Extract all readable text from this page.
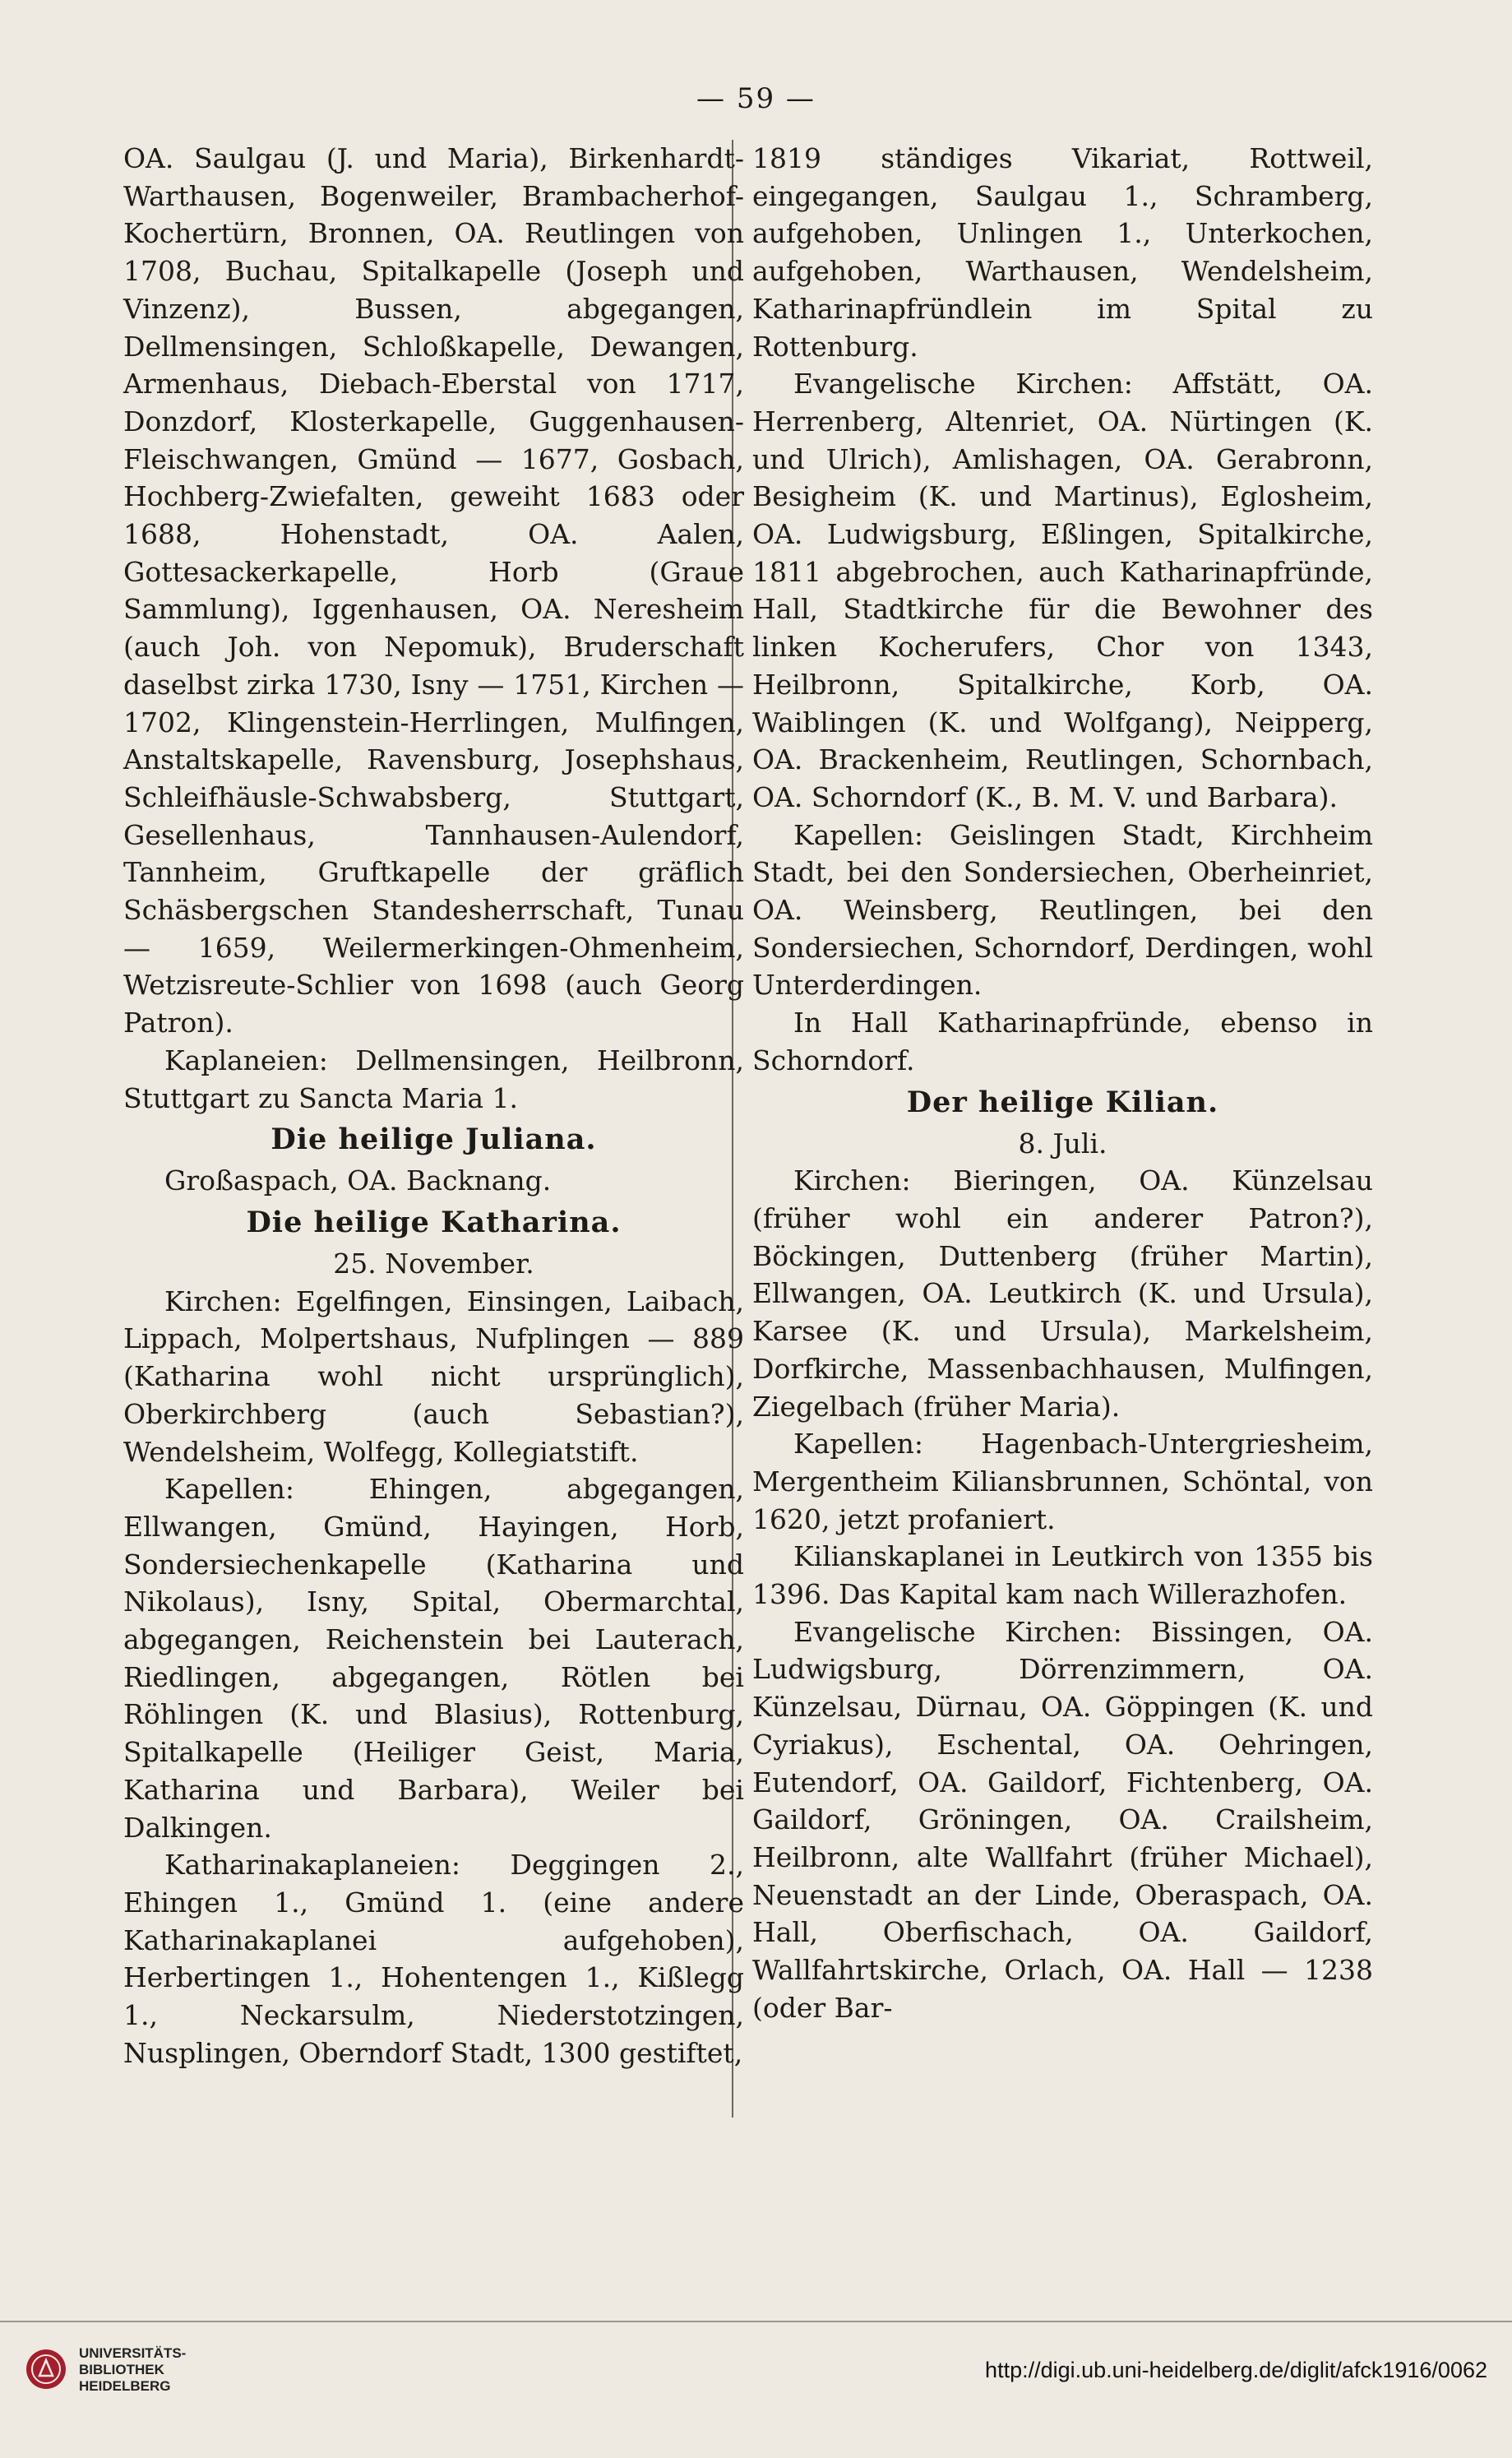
— 59 —

OA. Saulgau (J. und Maria), Birkenhardt-Warthausen, Bogenweiler, Brambacherhof-Kochertürn, Bronnen, OA. Reutlingen von 1708, Buchau, Spitalkapelle (Joseph und Vinzenz), Bussen, abgegangen, Dellmensingen, Schloßkapelle, Dewangen, Armenhaus, Diebach-Eberstal von 1717, Donzdorf, Klosterkapelle, Guggenhausen-Fleischwangen, Gmünd — 1677, Gosbach, Hochberg-Zwiefalten, geweiht 1683 oder 1688, Hohenstadt, OA. Aalen, Gottesackerkapelle, Horb (Graue Sammlung), Iggenhausen, OA. Neresheim (auch Joh. von Nepomuk), Bruderschaft daselbst zirka 1730, Isny — 1751, Kirchen — 1702, Klingenstein-Herrlingen, Mulfingen, Anstaltskapelle, Ravensburg, Josephshaus, Schleifhäusle-Schwabsberg, Stuttgart, Gesellenhaus, Tannhausen-Aulendorf, Tannheim, Gruftkapelle der gräflich Schäsbergschen Standesherrschaft, Tunau — 1659, Weilermerkingen-Ohmenheim, Wetzisreute-Schlier von 1698 (auch Georg Patron).

Kaplaneien: Dellmensingen, Heilbronn, Stuttgart zu Sancta Maria 1.

Die heilige Juliana.

Großaspach, OA. Backnang.

Die heilige Katharina.

25. November.

Kirchen: Egelfingen, Einsingen, Laibach, Lippach, Molpertshaus, Nufplingen — 889 (Katharina wohl nicht ursprünglich), Oberkirchberg (auch Sebastian?), Wendelsheim, Wolfegg, Kollegiatstift.

Kapellen: Ehingen, abgegangen, Ellwangen, Gmünd, Hayingen, Horb, Sondersiechenkapelle (Katharina und Nikolaus), Isny, Spital, Obermarchtal, abgegangen, Reichenstein bei Lauterach, Riedlingen, abgegangen, Rötlen bei Röhlingen (K. und Blasius), Rottenburg, Spitalkapelle (Heiliger Geist, Maria, Katharina und Barbara), Weiler bei Dalkingen.

Katharinakaplaneien: Deggingen 2., Ehingen 1., Gmünd 1. (eine andere Katharinakaplanei aufgehoben), Herbertingen 1., Hohentengen 1., Kißlegg 1., Neckarsulm, Niederstotzingen, Nusplingen, Oberndorf Stadt, 1300 gestiftet,

1819 ständiges Vikariat, Rottweil, eingegangen, Saulgau 1., Schramberg, aufgehoben, Unlingen 1., Unterkochen, aufgehoben, Warthausen, Wendelsheim, Katharinapfründlein im Spital zu Rottenburg.

Evangelische Kirchen: Affstätt, OA. Herrenberg, Altenriet, OA. Nürtingen (K. und Ulrich), Amlishagen, OA. Gerabronn, Besigheim (K. und Martinus), Eglosheim, OA. Ludwigsburg, Eßlingen, Spitalkirche, 1811 abgebrochen, auch Katharinapfründe, Hall, Stadtkirche für die Bewohner des linken Kocherufers, Chor von 1343, Heilbronn, Spitalkirche, Korb, OA. Waiblingen (K. und Wolfgang), Neipperg, OA. Brackenheim, Reutlingen, Schornbach, OA. Schorndorf (K., B. M. V. und Barbara).

Kapellen: Geislingen Stadt, Kirchheim Stadt, bei den Sondersiechen, Oberheinriet, OA. Weinsberg, Reutlingen, bei den Sondersiechen, Schorndorf, Derdingen, wohl Unterderdingen.

In Hall Katharinapfründe, ebenso in Schorndorf.

Der heilige Kilian.

8. Juli.

Kirchen: Bieringen, OA. Künzelsau (früher wohl ein anderer Patron?), Böckingen, Duttenberg (früher Martin), Ellwangen, OA. Leutkirch (K. und Ursula), Karsee (K. und Ursula), Markelsheim, Dorfkirche, Massenbachhausen, Mulfingen, Ziegelbach (früher Maria).

Kapellen: Hagenbach-Untergriesheim, Mergentheim Kiliansbrunnen, Schöntal, von 1620, jetzt profaniert.

Kilianskaplanei in Leutkirch von 1355 bis 1396. Das Kapital kam nach Willerazhofen.

Evangelische Kirchen: Bissingen, OA. Ludwigsburg, Dörrenzimmern, OA. Künzelsau, Dürnau, OA. Göppingen (K. und Cyriakus), Eschental, OA. Oehringen, Eutendorf, OA. Gaildorf, Fichtenberg, OA. Gaildorf, Gröningen, OA. Crailsheim, Heilbronn, alte Wallfahrt (früher Michael), Neuenstadt an der Linde, Oberaspach, OA. Hall, Oberfischach, OA. Gaildorf, Wallfahrtskirche, Orlach, OA. Hall — 1238 (oder Bar-

UNIVERSITÄTS-
BIBLIOTHEK
HEIDELBERG
http://digi.ub.uni-heidelberg.de/diglit/afck1916/0062
